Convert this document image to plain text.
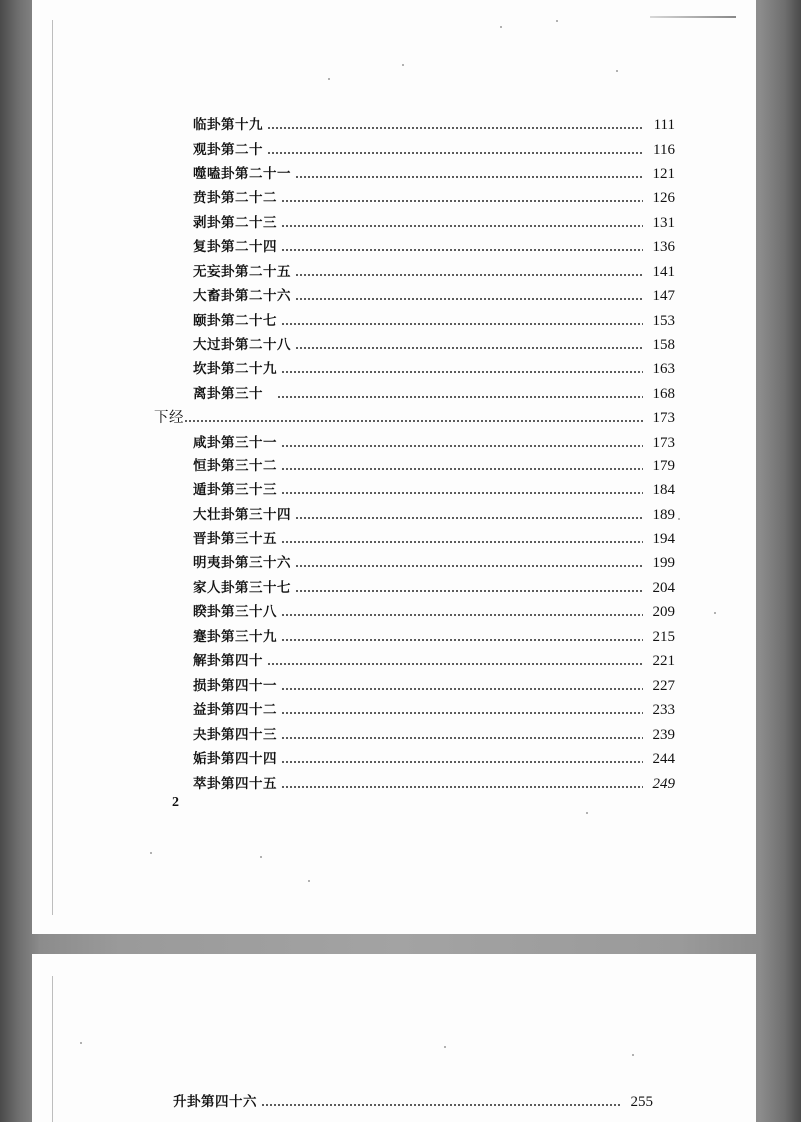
临卦第十九	111
观卦第二十	116
噬嗑卦第二十一	121
贲卦第二十二	126
剥卦第二十三	131
复卦第二十四	136
无妄卦第二十五	141
大畜卦第二十六	147
颐卦第二十七	153
大过卦第二十八	158
坎卦第二十九	163
离卦第三十	168
下经	173
咸卦第三十一	173
恒卦第三十二	179
遁卦第三十三	184
大壮卦第三十四	189
晋卦第三十五	194
明夷卦第三十六	199
家人卦第三十七	204
睽卦第三十八	209
蹇卦第三十九	215
解卦第四十	221
损卦第四十一	227
益卦第四十二	233
夬卦第四十三	239
姤卦第四十四	244
萃卦第四十五	249
2
升卦第四十六	255
